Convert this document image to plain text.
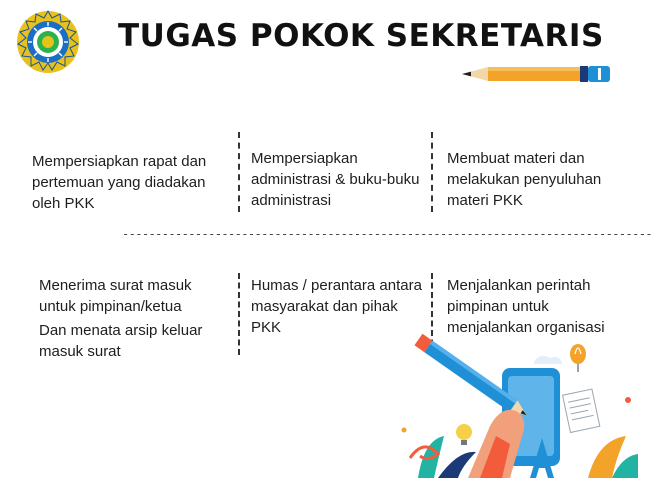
TUGAS POKOK SEKRETARIS
Mempersiapkan rapat dan pertemuan yang diadakan oleh PKK
Mempersiapkan administrasi & buku-buku administrasi
Membuat materi dan melakukan penyuluhan materi PKK
--------------------------------------------------------------------------------
Menerima surat masuk untuk pimpinan/ketua
Dan menata arsip keluar masuk surat
Humas / perantara antara masyarakat dan pihak PKK
Menjalankan perintah pimpinan untuk menjalankan organisasi
